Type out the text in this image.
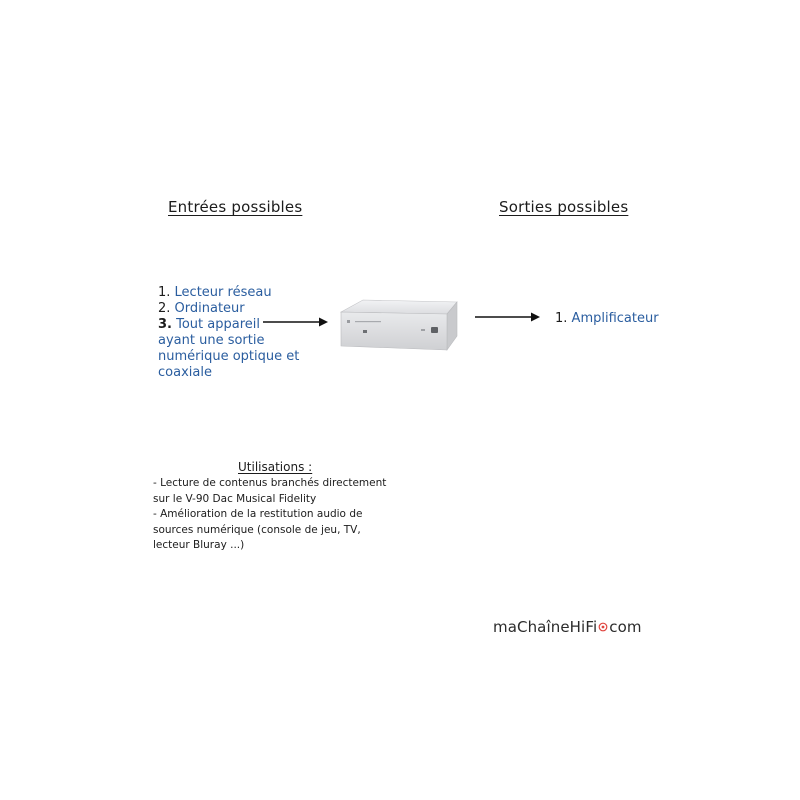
Entrées possibles	Sorties possibles
1. Lecteur réseau
2. Ordinateur
3. Tout appareil
ayant une sortie
numérique optique et
coaxiale
1. Amplificateur
Utilisations :
- Lecture de contenus branchés directement
sur le V-90 Dac Musical Fidelity
- Amélioration de la restitution audio de
sources numérique (console de jeu, TV,
lecteur Bluray ...)
maChaîneHiFi com
